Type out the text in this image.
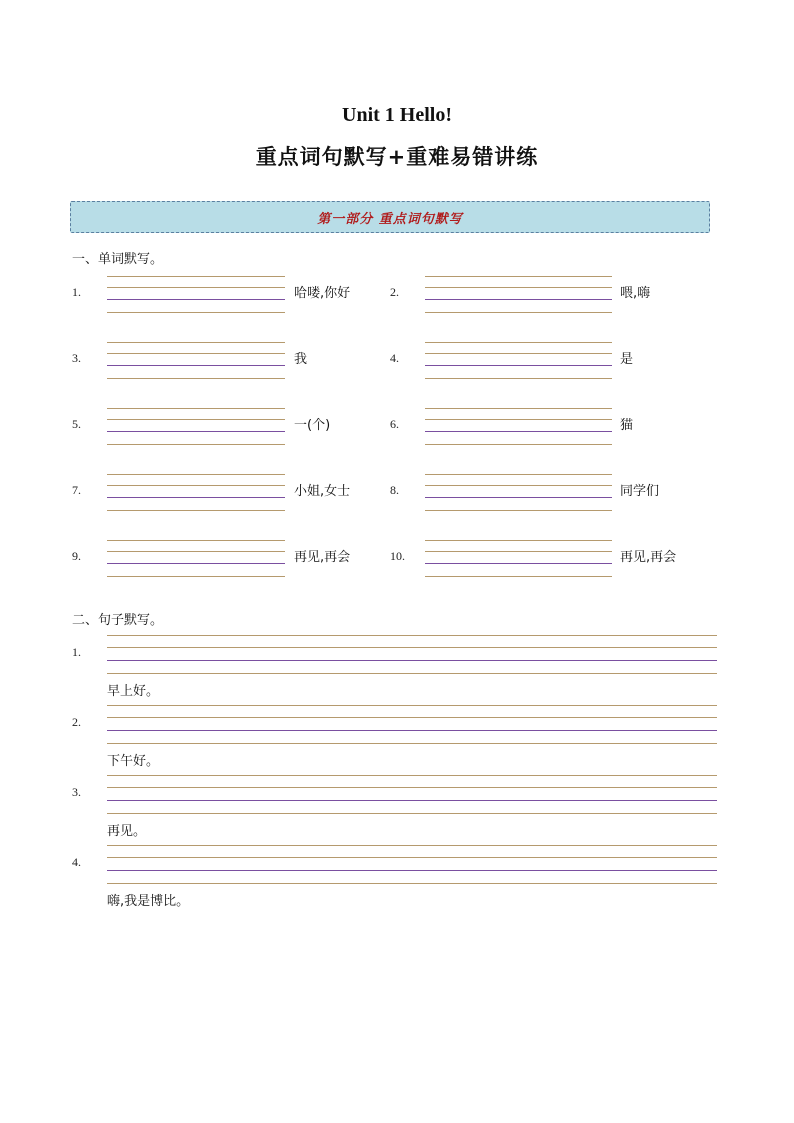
Unit 1 Hello!
重点词句默写+重难易错讲练
第一部分 重点词句默写
一、单词默写。
1.	哈喽,你好	2.	喂,嗨
3.	我	4.	是
5.	一(个)	6.	猫
7.	小姐,女士	8.	同学们
9.	再见,再会	10.	再见,再会
二、句子默写。
1.
早上好。
2.
下午好。
3.
再见。
4.
嗨,我是博比。
